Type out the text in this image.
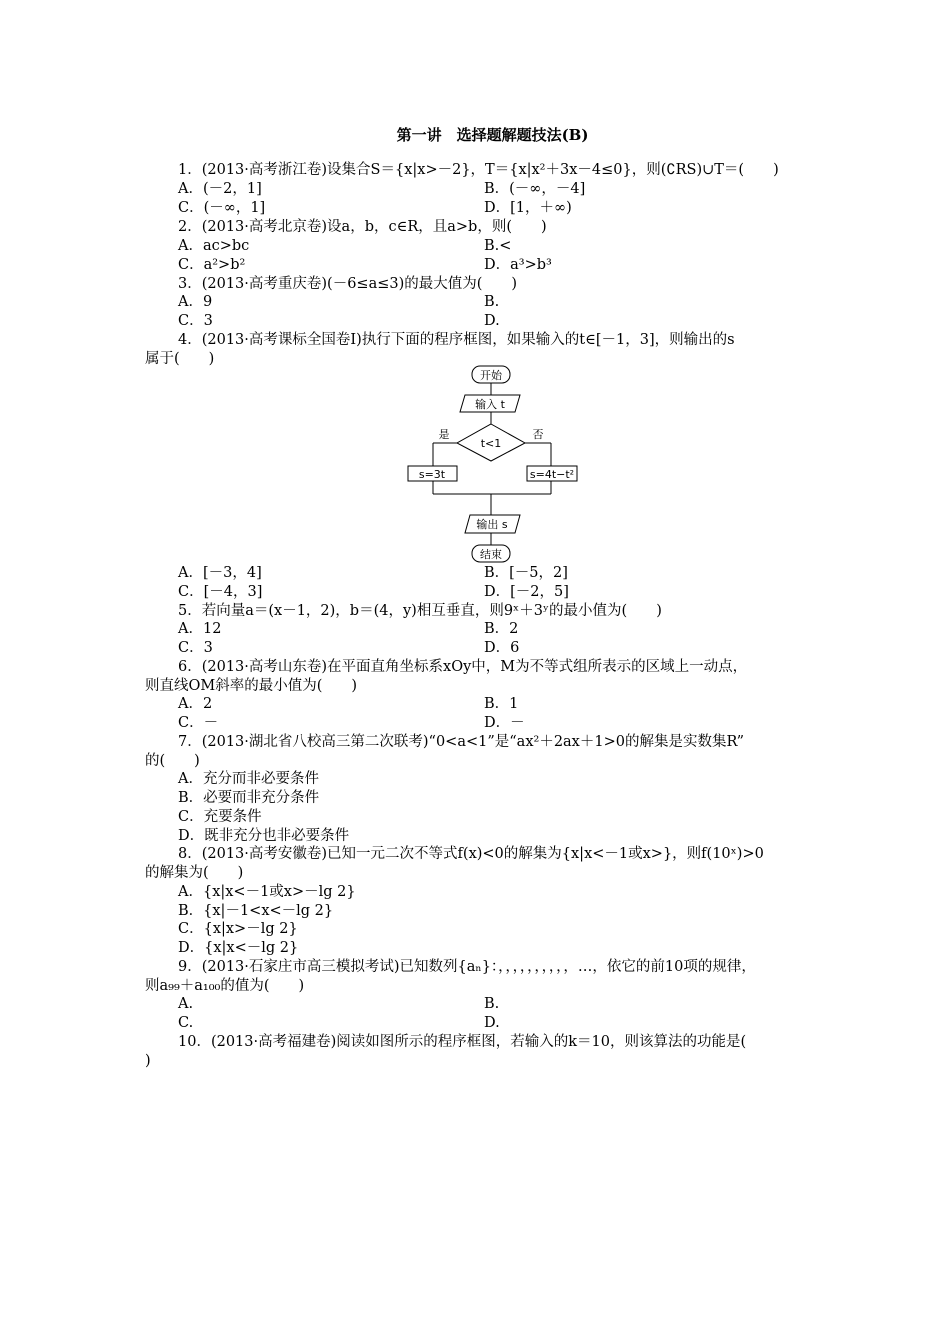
第一讲　选择题解题技法(B)
1．(2013·高考浙江卷)设集合S＝{x|x>－2}，T＝{x|x²＋3x－4≤0}，则(∁RS)∪T＝(　　)
A．(－2，1]	B．(－∞，－4]
C．(－∞，1]	D．[1，＋∞)
2．(2013·高考北京卷)设a，b，c∈R，且a>b，则(　　)
A．ac>bc	B.<
C．a²>b²	D．a³>b³
3．(2013·高考重庆卷)(－6≤a≤3)的最大值为(　　)
A．9	B.
C．3	D.
4．(2013·高考课标全国卷Ⅰ)执行下面的程序框图，如果输入的t∈[－1，3]，则输出的s
属于(　　)
A．[－3，4]	B．[－5，2]
C．[－4，3]	D．[－2，5]
5．若向量a＝(x－1，2)，b＝(4，y)相互垂直，则9ˣ＋3ʸ的最小值为(　　)
A．12	B．2
C．3	D．6
6．(2013·高考山东卷)在平面直角坐标系xOy中，M为不等式组所表示的区域上一动点，
则直线OM斜率的最小值为(　　)
A．2	B．1
C．－	D．－
7．(2013·湖北省八校高三第二次联考)“0<a<1”是“ax²＋2ax＋1>0的解集是实数集R”
的(　　)
A．充分而非必要条件
B．必要而非充分条件
C．充要条件
D．既非充分也非必要条件
8．(2013·高考安徽卷)已知一元二次不等式f(x)<0的解集为{x|x<－1或x>}，则f(10ˣ)>0
的解集为(　　)
A．{x|x<－1或x>－lg 2}
B．{x|－1<x<－lg 2}
C．{x|x>－lg 2}
D．{x|x<－lg 2}
9．(2013·石家庄市高三模拟考试)已知数列{aₙ}：，，，，，，，，，，…，依它的前10项的规律，
则a₉₉＋a₁₀₀的值为(　　)
A.	B.
C.	D.
10．(2013·高考福建卷)阅读如图所示的程序框图，若输入的k＝10，则该算法的功能是(
)
开始
输入 t
t<1
是	否
s=3t	s=4t−t²
输出 s
结束
